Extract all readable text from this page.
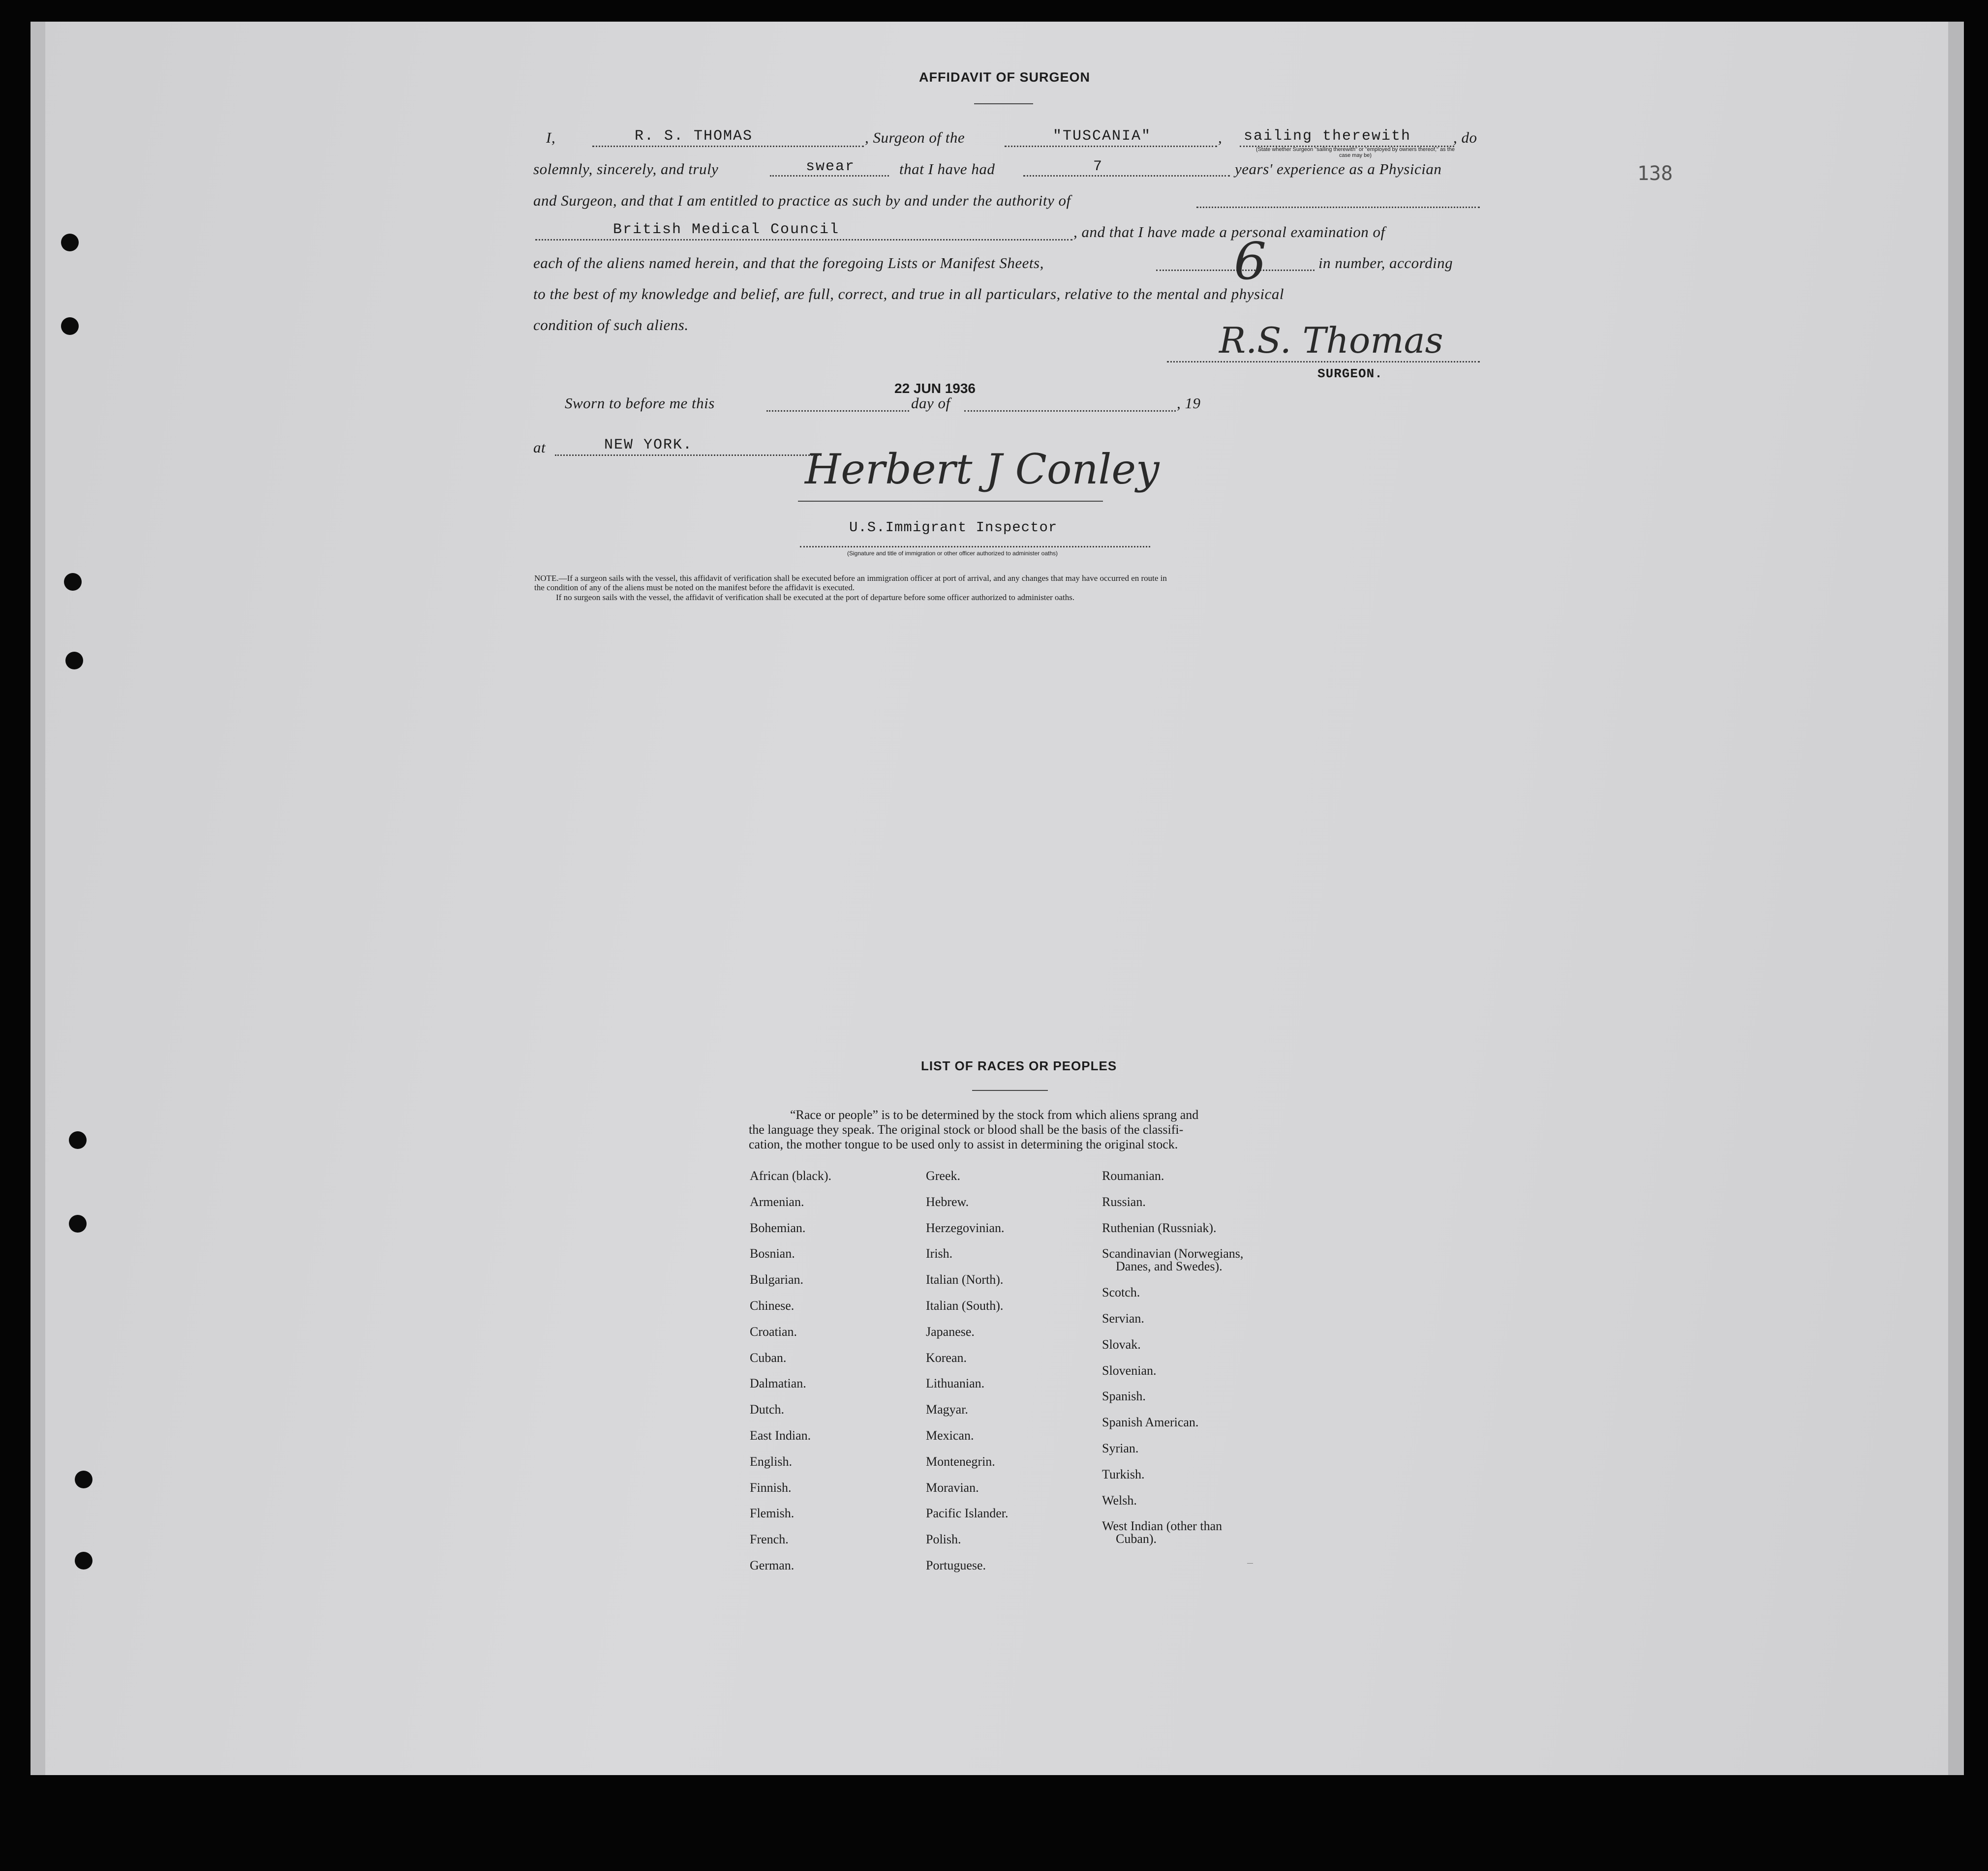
138
AFFIDAVIT OF SURGEON
I,	R. S. THOMAS	, Surgeon of the	"TUSCANIA"	, sailing therewith	, do
(State whether Surgeon "sailing therewith" or "employed by owners thereof," as the case may be)
solemnly, sincerely, and truly	swear	that I have had	7	years' experience as a Physician
and Surgeon, and that I am entitled to practice as such by and under the authority of
British Medical Council	, and that I have made a personal examination of
each of the aliens named herein, and that the foregoing Lists or Manifest Sheets,	6	in number, according
to the best of my knowledge and belief, are full, correct, and true in all particulars, relative to the mental and physical
condition of such aliens.	R.S. Thomas
SURGEON.
Sworn to before me this
22 JUN 1936
day of	, 19
at	NEW YORK.	Herbert J Conley
U.S.Immigrant Inspector
(Signature and title of immigration or other officer authorized to administer oaths)
NOTE.—If a surgeon sails with the vessel, this affidavit of verification shall be executed before an immigration officer at port of arrival, and any changes that may have occurred en route in
the condition of any of the aliens must be noted on the manifest before the affidavit is executed.
If no surgeon sails with the vessel, the affidavit of verification shall be executed at the port of departure before some officer authorized to administer oaths.
LIST OF RACES OR PEOPLES
“Race or people” is to be determined by the stock from which aliens sprang and
the language they speak. The original stock or blood shall be the basis of the classifi-
cation, the mother tongue to be used only to assist in determining the original stock.
African (black).
Armenian.
Bohemian.
Bosnian.
Bulgarian.
Chinese.
Croatian.
Cuban.
Dalmatian.
Dutch.
East Indian.
English.
Finnish.
Flemish.
French.
German.
Greek.
Hebrew.
Herzegovinian.
Irish.
Italian (North).
Italian (South).
Japanese.
Korean.
Lithuanian.
Magyar.
Mexican.
Montenegrin.
Moravian.
Pacific Islander.
Polish.
Portuguese.
Roumanian.
Russian.
Ruthenian (Russniak).
Scandinavian (Norwegians,
Danes, and Swedes).
Scotch.
Servian.
Slovak.
Slovenian.
Spanish.
Spanish American.
Syrian.
Turkish.
Welsh.
West Indian (other than
Cuban).
—
